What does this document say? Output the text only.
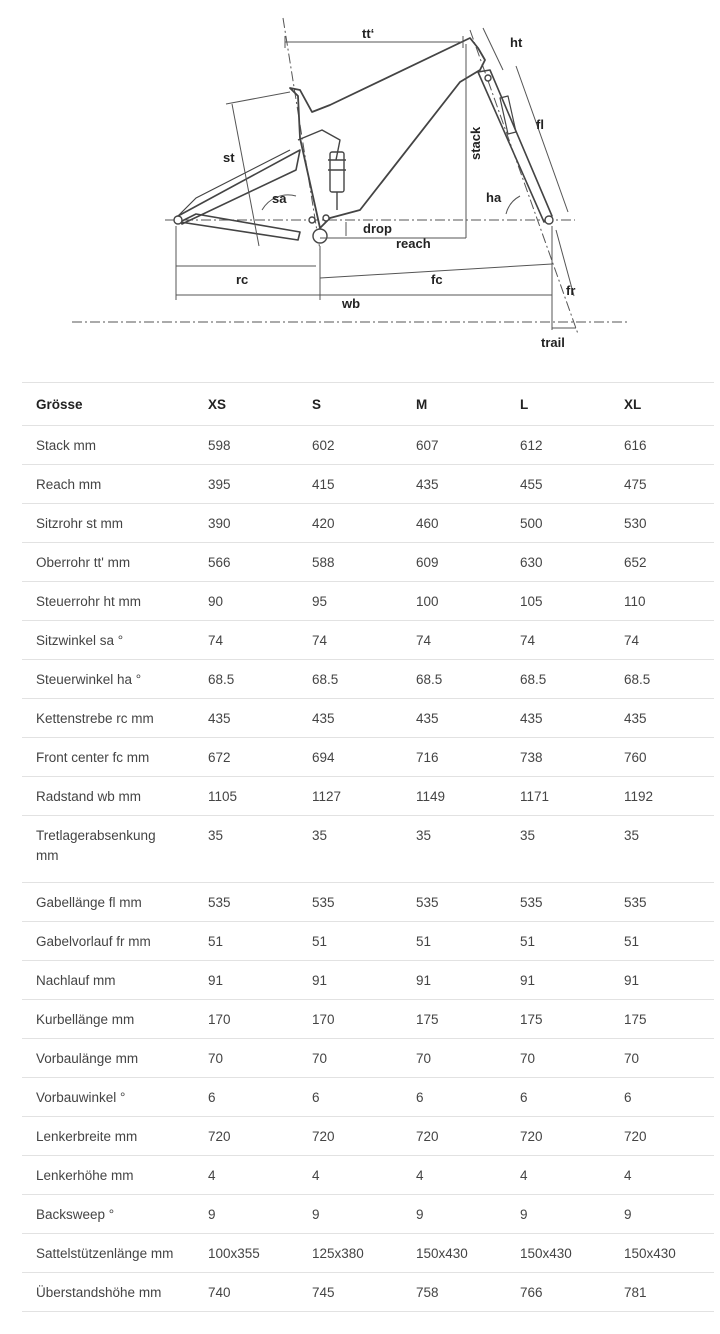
tt‘
ht
st
fl
stack
sa	ha
drop
reach
rc	fc
wb
fr
trail
Grösse	XS	S	M	L	XL
Stack mm	598	602	607	612	616
Reach mm	395	415	435	455	475
Sitzrohr st mm	390	420	460	500	530
Oberrohr tt' mm	566	588	609	630	652
Steuerrohr ht mm	90	95	100	105	110
Sitzwinkel sa °	74	74	74	74	74
Steuerwinkel ha °	68.5	68.5	68.5	68.5	68.5
Kettenstrebe rc mm	435	435	435	435	435
Front center fc mm	672	694	716	738	760
Radstand wb mm	1105	1127	1149	1171	1192
Tretlagerabsenkung mm	35	35	35	35	35
Gabellänge fl mm	535	535	535	535	535
Gabelvorlauf fr mm	51	51	51	51	51
Nachlauf mm	91	91	91	91	91
Kurbellänge mm	170	170	175	175	175
Vorbaulänge mm	70	70	70	70	70
Vorbauwinkel °	6	6	6	6	6
Lenkerbreite mm	720	720	720	720	720
Lenkerhöhe mm	4	4	4	4	4
Backsweep °	9	9	9	9	9
Sattelstützenlänge mm	100x355	125x380	150x430	150x430	150x430
Überstandshöhe mm	740	745	758	766	781
